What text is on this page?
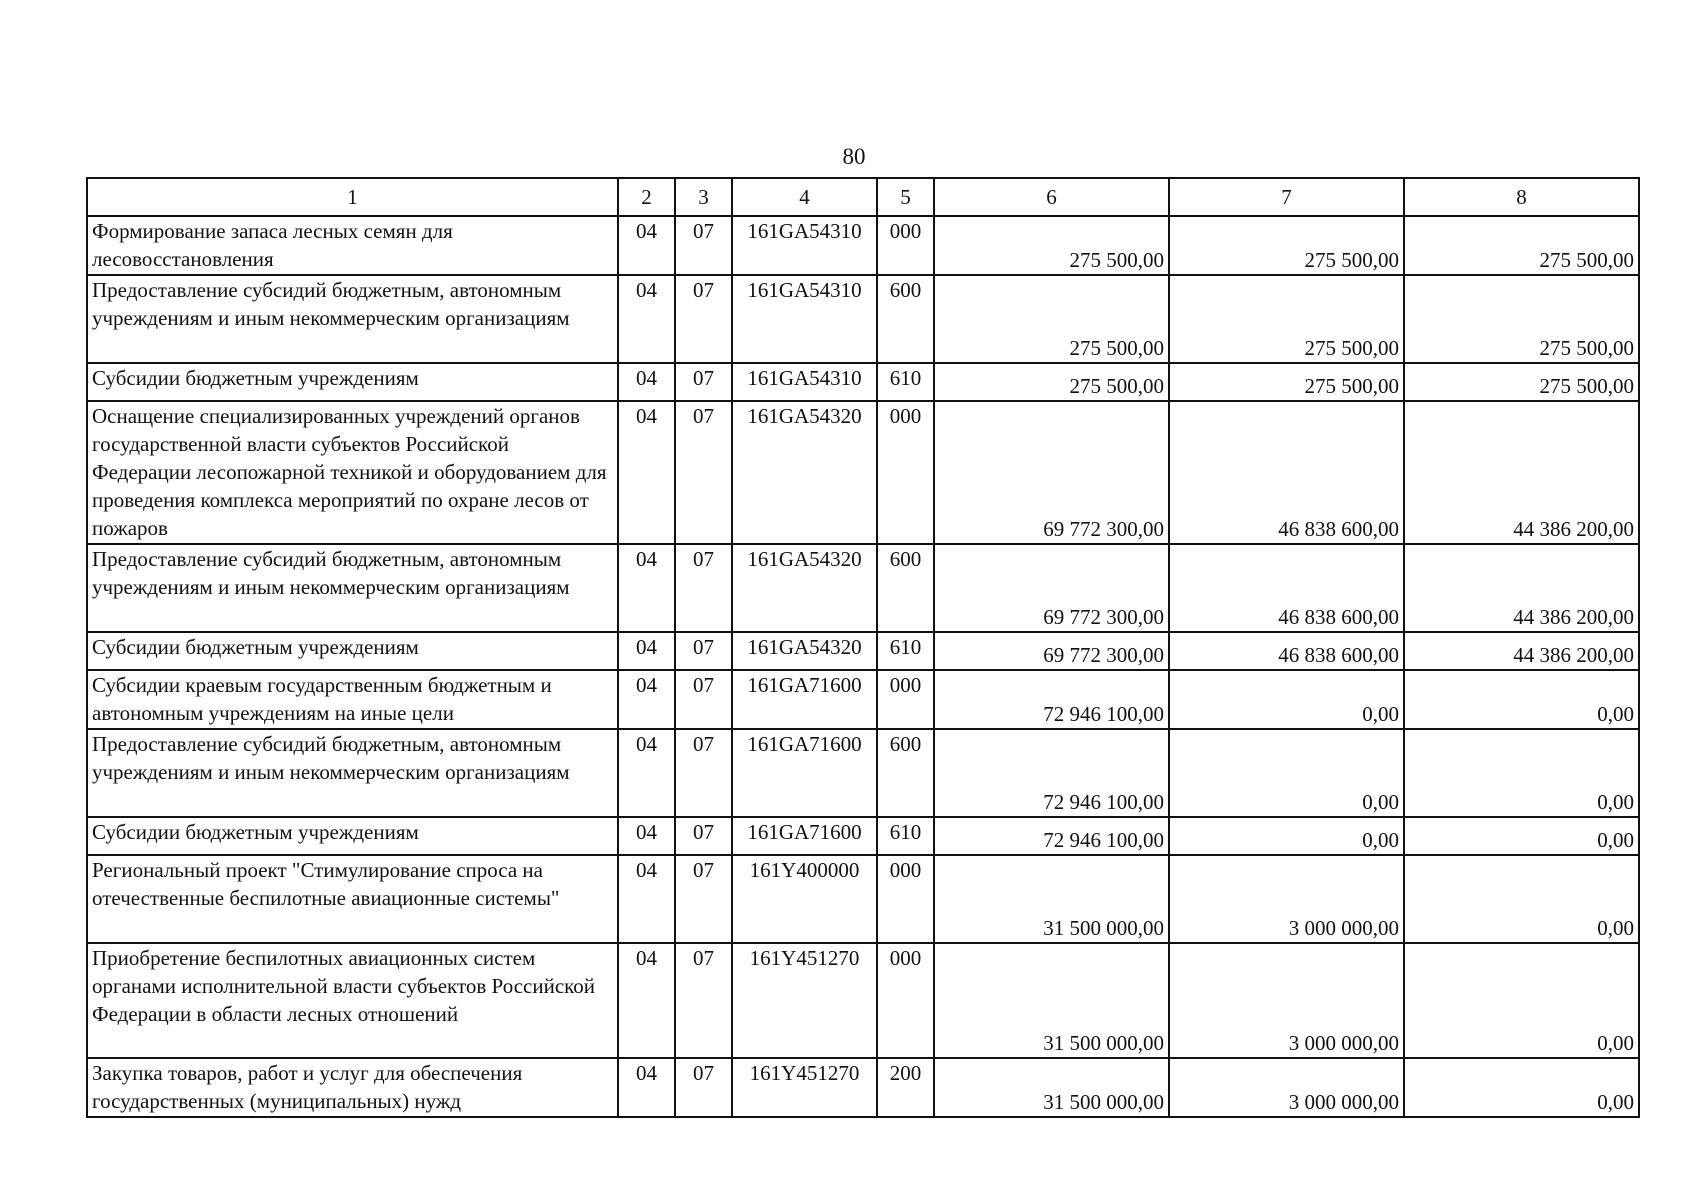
80
1	2	3	4	5	6	7	8
Формирование запаса лесных семян для лесовосстановления	04	07	161GA54310	000	275 500,00	275 500,00	275 500,00
Предоставление субсидий бюджетным, автономным учреждениям и иным некоммерческим организациям	04	07	161GA54310	600	275 500,00	275 500,00	275 500,00
Субсидии бюджетным учреждениям	04	07	161GA54310	610	275 500,00	275 500,00	275 500,00
Оснащение специализированных учреждений органов государственной власти субъектов Российской Федерации лесопожарной техникой и оборудованием для проведения комплекса мероприятий по охране лесов от пожаров	04	07	161GA54320	000	69 772 300,00	46 838 600,00	44 386 200,00
Предоставление субсидий бюджетным, автономным учреждениям и иным некоммерческим организациям	04	07	161GA54320	600	69 772 300,00	46 838 600,00	44 386 200,00
Субсидии бюджетным учреждениям	04	07	161GA54320	610	69 772 300,00	46 838 600,00	44 386 200,00
Субсидии краевым государственным бюджетным и автономным учреждениям на иные цели	04	07	161GA71600	000	72 946 100,00	0,00	0,00
Предоставление субсидий бюджетным, автономным учреждениям и иным некоммерческим организациям	04	07	161GA71600	600	72 946 100,00	0,00	0,00
Субсидии бюджетным учреждениям	04	07	161GA71600	610	72 946 100,00	0,00	0,00
Региональный проект "Стимулирование спроса на отечественные беспилотные авиационные системы"	04	07	161Y400000	000	31 500 000,00	3 000 000,00	0,00
Приобретение беспилотных авиационных систем органами исполнительной власти субъектов Российской Федерации в области лесных отношений	04	07	161Y451270	000	31 500 000,00	3 000 000,00	0,00
Закупка товаров, работ и услуг для обеспечения государственных (муниципальных) нужд	04	07	161Y451270	200	31 500 000,00	3 000 000,00	0,00
